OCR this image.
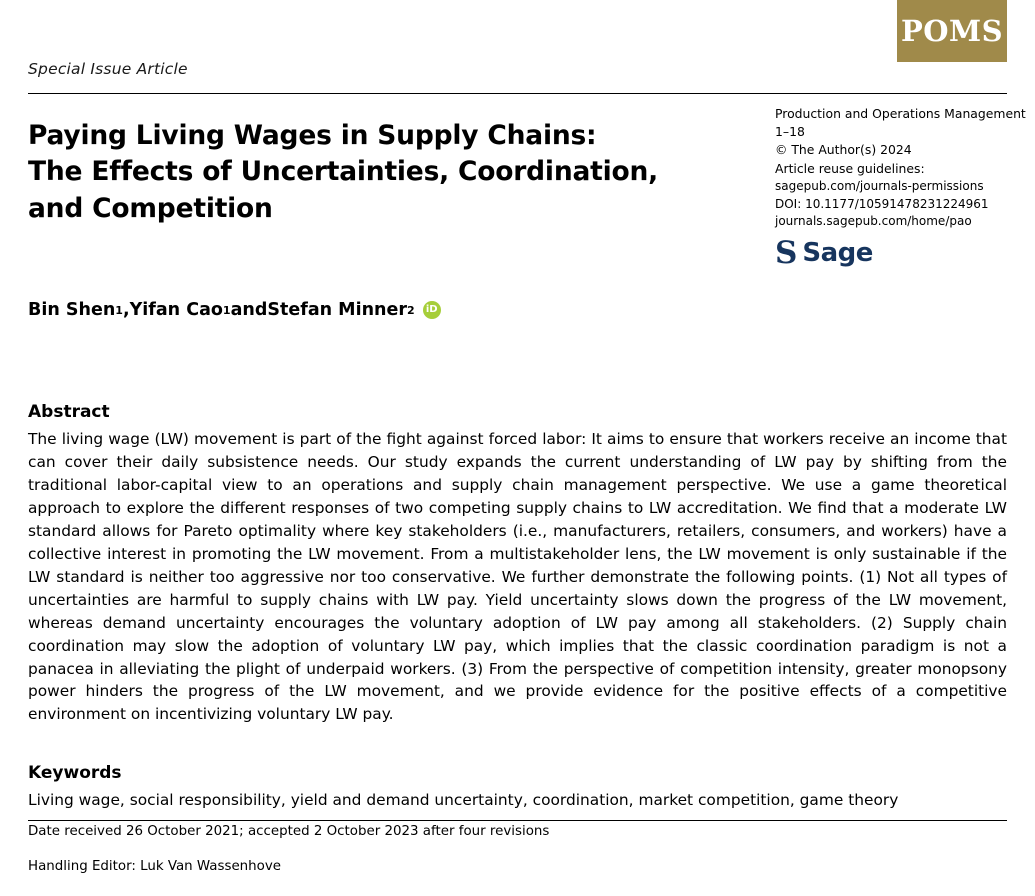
POMS
Special Issue Article
Paying Living Wages in Supply Chains:
The Effects of Uncertainties, Coordination,
and Competition
Production and Operations Management
1–18
© The Author(s) 2024
Article reuse guidelines:
sagepub.com/journals-permissions
DOI: 10.1177/10591478231224961
journals.sagepub.com/home/pao
S Sage
Bin Shen 1 , Yifan Cao 1 and Stefan Minner 2	iD
Abstract
The living wage (LW) movement is part of the fight against forced labor: It aims to ensure that workers receive an income that can cover their daily subsistence needs. Our study expands the current understanding of LW pay by shifting from the traditional labor-capital view to an operations and supply chain management perspective. We use a game theoretical approach to explore the different responses of two competing supply chains to LW accreditation. We find that a moderate LW standard allows for Pareto optimality where key stakeholders (i.e., manufacturers, retailers, consumers, and workers) have a collective interest in promoting the LW movement. From a multistakeholder lens, the LW movement is only sustainable if the LW standard is neither too aggressive nor too conservative. We further demonstrate the following points. (1) Not all types of uncertainties are harmful to supply chains with LW pay. Yield uncertainty slows down the progress of the LW movement, whereas demand uncertainty encourages the voluntary adoption of LW pay among all stakeholders. (2) Supply chain coordination may slow the adoption of voluntary LW pay, which implies that the classic coordination paradigm is not a panacea in alleviating the plight of underpaid workers. (3) From the perspective of competition intensity, greater monopsony power hinders the progress of the LW movement, and we provide evidence for the positive effects of a competitive environment on incentivizing voluntary LW pay.
Keywords
Living wage, social responsibility, yield and demand uncertainty, coordination, market competition, game theory
Date received 26 October 2021; accepted 2 October 2023 after four revisions
Handling Editor: Luk Van Wassenhove
